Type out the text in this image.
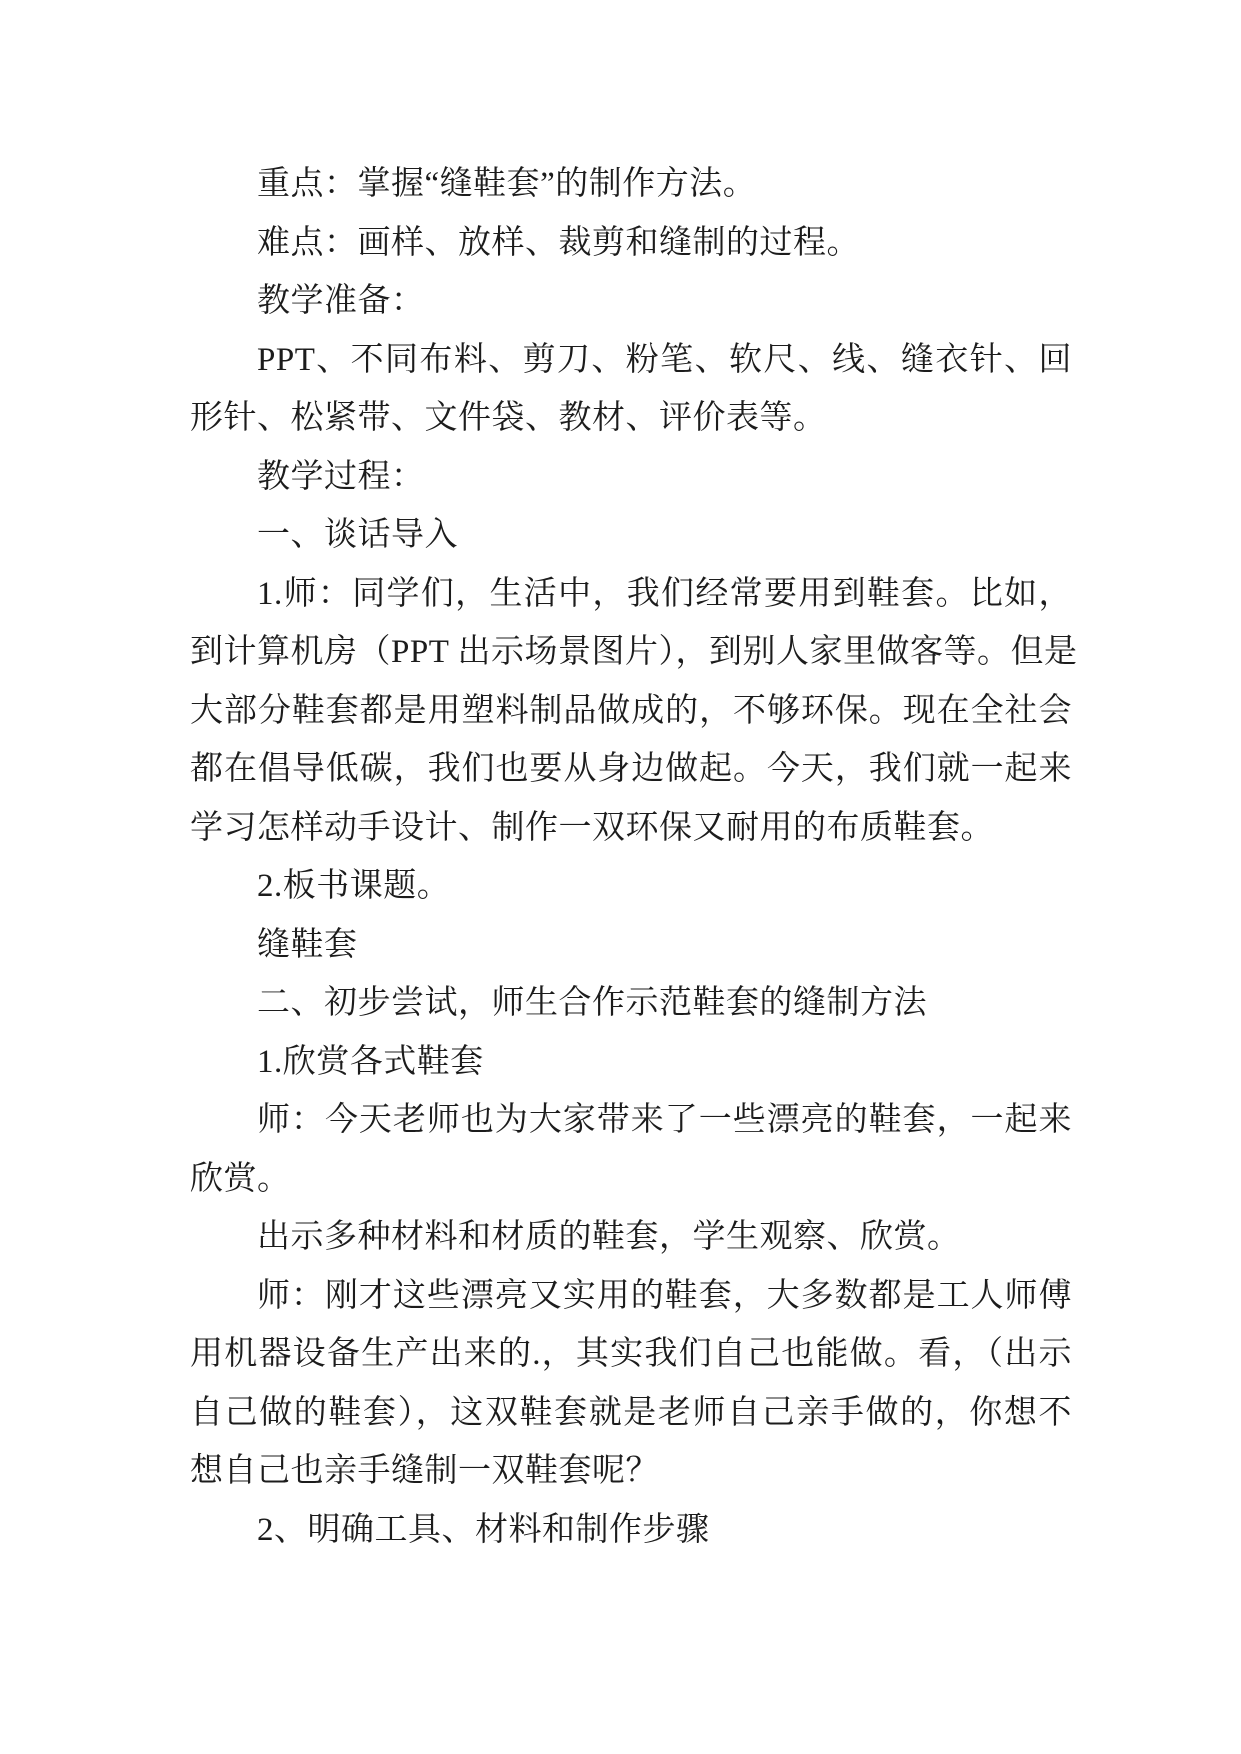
重点：掌握“缝鞋套”的制作方法。
难点：画样、放样、裁剪和缝制的过程。
教学准备：
PPT、不同布料、剪刀、粉笔、软尺、线、缝衣针、回
形针、松紧带、文件袋、教材、评价表等。
教学过程：
一、谈话导入
1.师：同学们，生活中，我们经常要用到鞋套。比如，
到计算机房（PPT 出示场景图片），到别人家里做客等。但是
大部分鞋套都是用塑料制品做成的，不够环保。现在全社会
都在倡导低碳，我们也要从身边做起。今天，我们就一起来
学习怎样动手设计、制作一双环保又耐用的布质鞋套。
2.板书课题。
缝鞋套
二、初步尝试，师生合作示范鞋套的缝制方法
1.欣赏各式鞋套
师：今天老师也为大家带来了一些漂亮的鞋套，一起来
欣赏。
出示多种材料和材质的鞋套，学生观察、欣赏。
师：刚才这些漂亮又实用的鞋套，大多数都是工人师傅
用机器设备生产出来的.，其实我们自己也能做。看，（出示
自己做的鞋套），这双鞋套就是老师自己亲手做的，你想不
想自己也亲手缝制一双鞋套呢？
2、明确工具、材料和制作步骤
